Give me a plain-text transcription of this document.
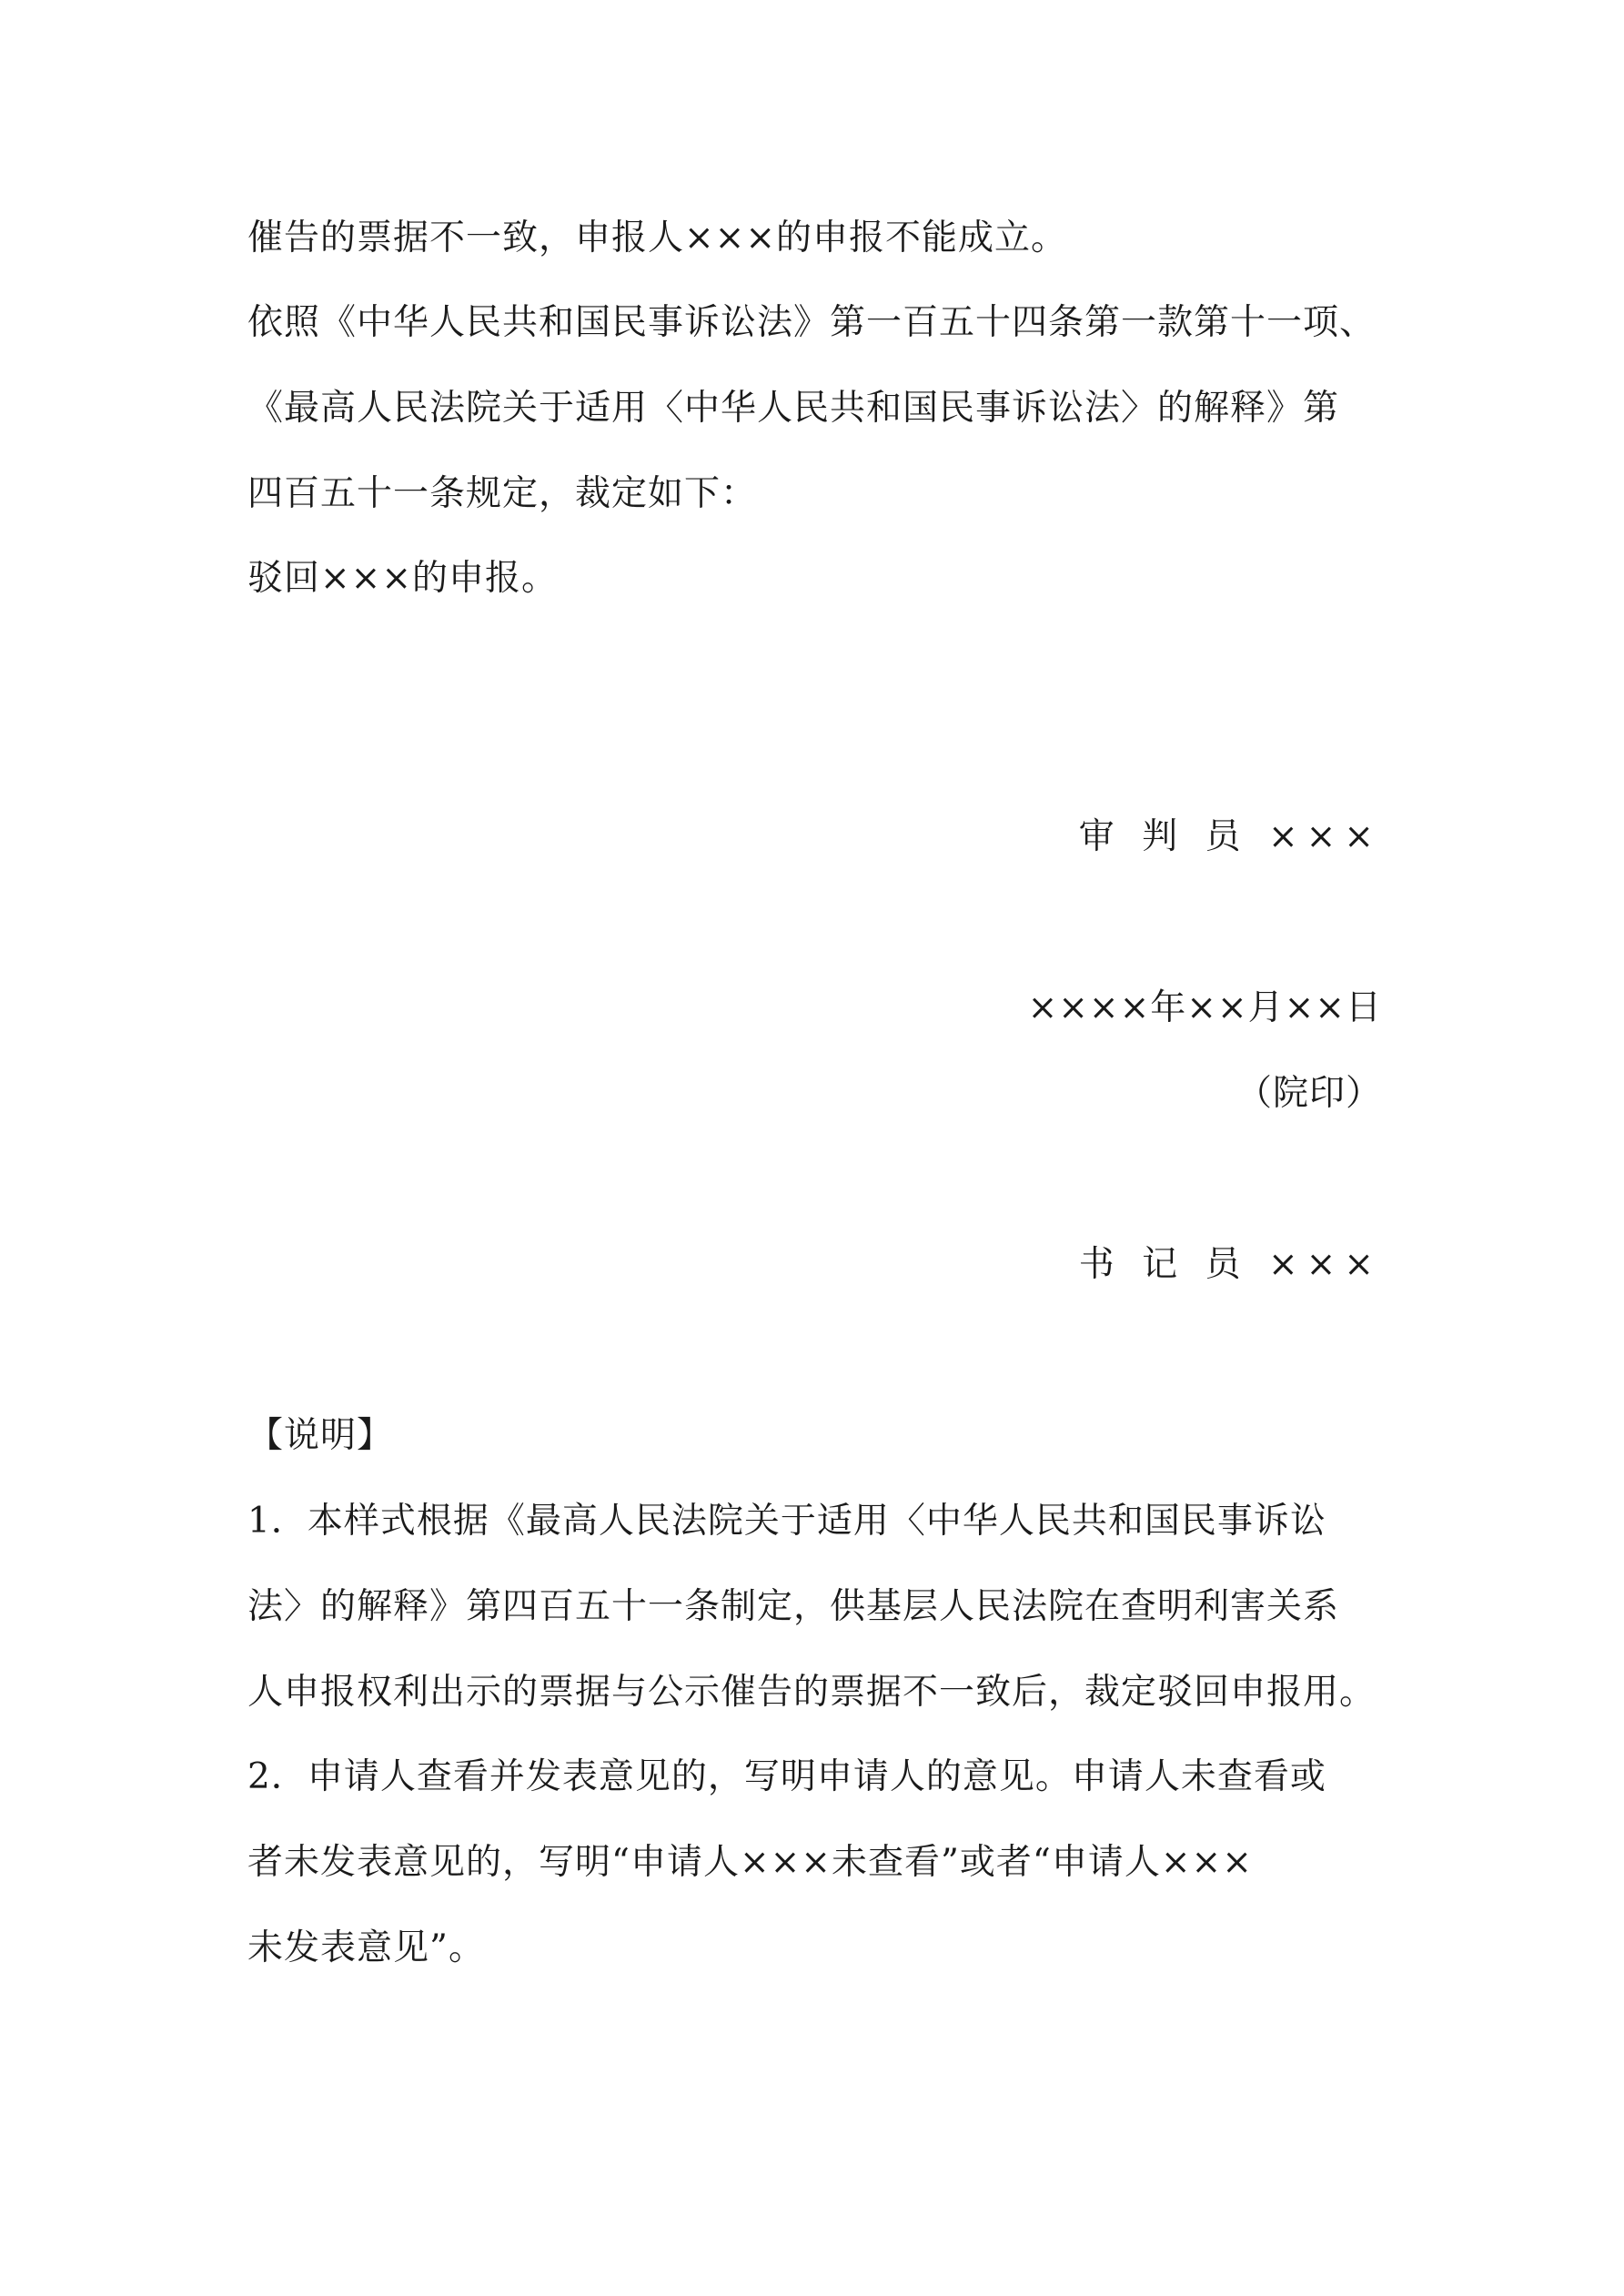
催告的票据不一致，申报人×××的申报不能成立。
依照《中华人民共和国民事诉讼法》第一百五十四条第一款第十一项、
《最高人民法院关于适用〈中华人民共和国民事诉讼法〉的解释》第
四百五十一条规定，裁定如下：
驳回×××的申报。
审 判 员 ×××
××××年××月××日
（院印）
书 记 员 ×××
【说明】
1．本样式根据《最高人民法院关于适用〈中华人民共和国民事诉讼
法〉的解释》第四百五十一条制定，供基层人民法院在查明利害关系
人申报权利出示的票据与公示催告的票据不一致后，裁定驳回申报用。
2．申请人查看并发表意见的，写明申请人的意见。申请人未查看或
者未发表意见的，写明“申请人×××未查看”或者“申请人×××
未发表意见”。
